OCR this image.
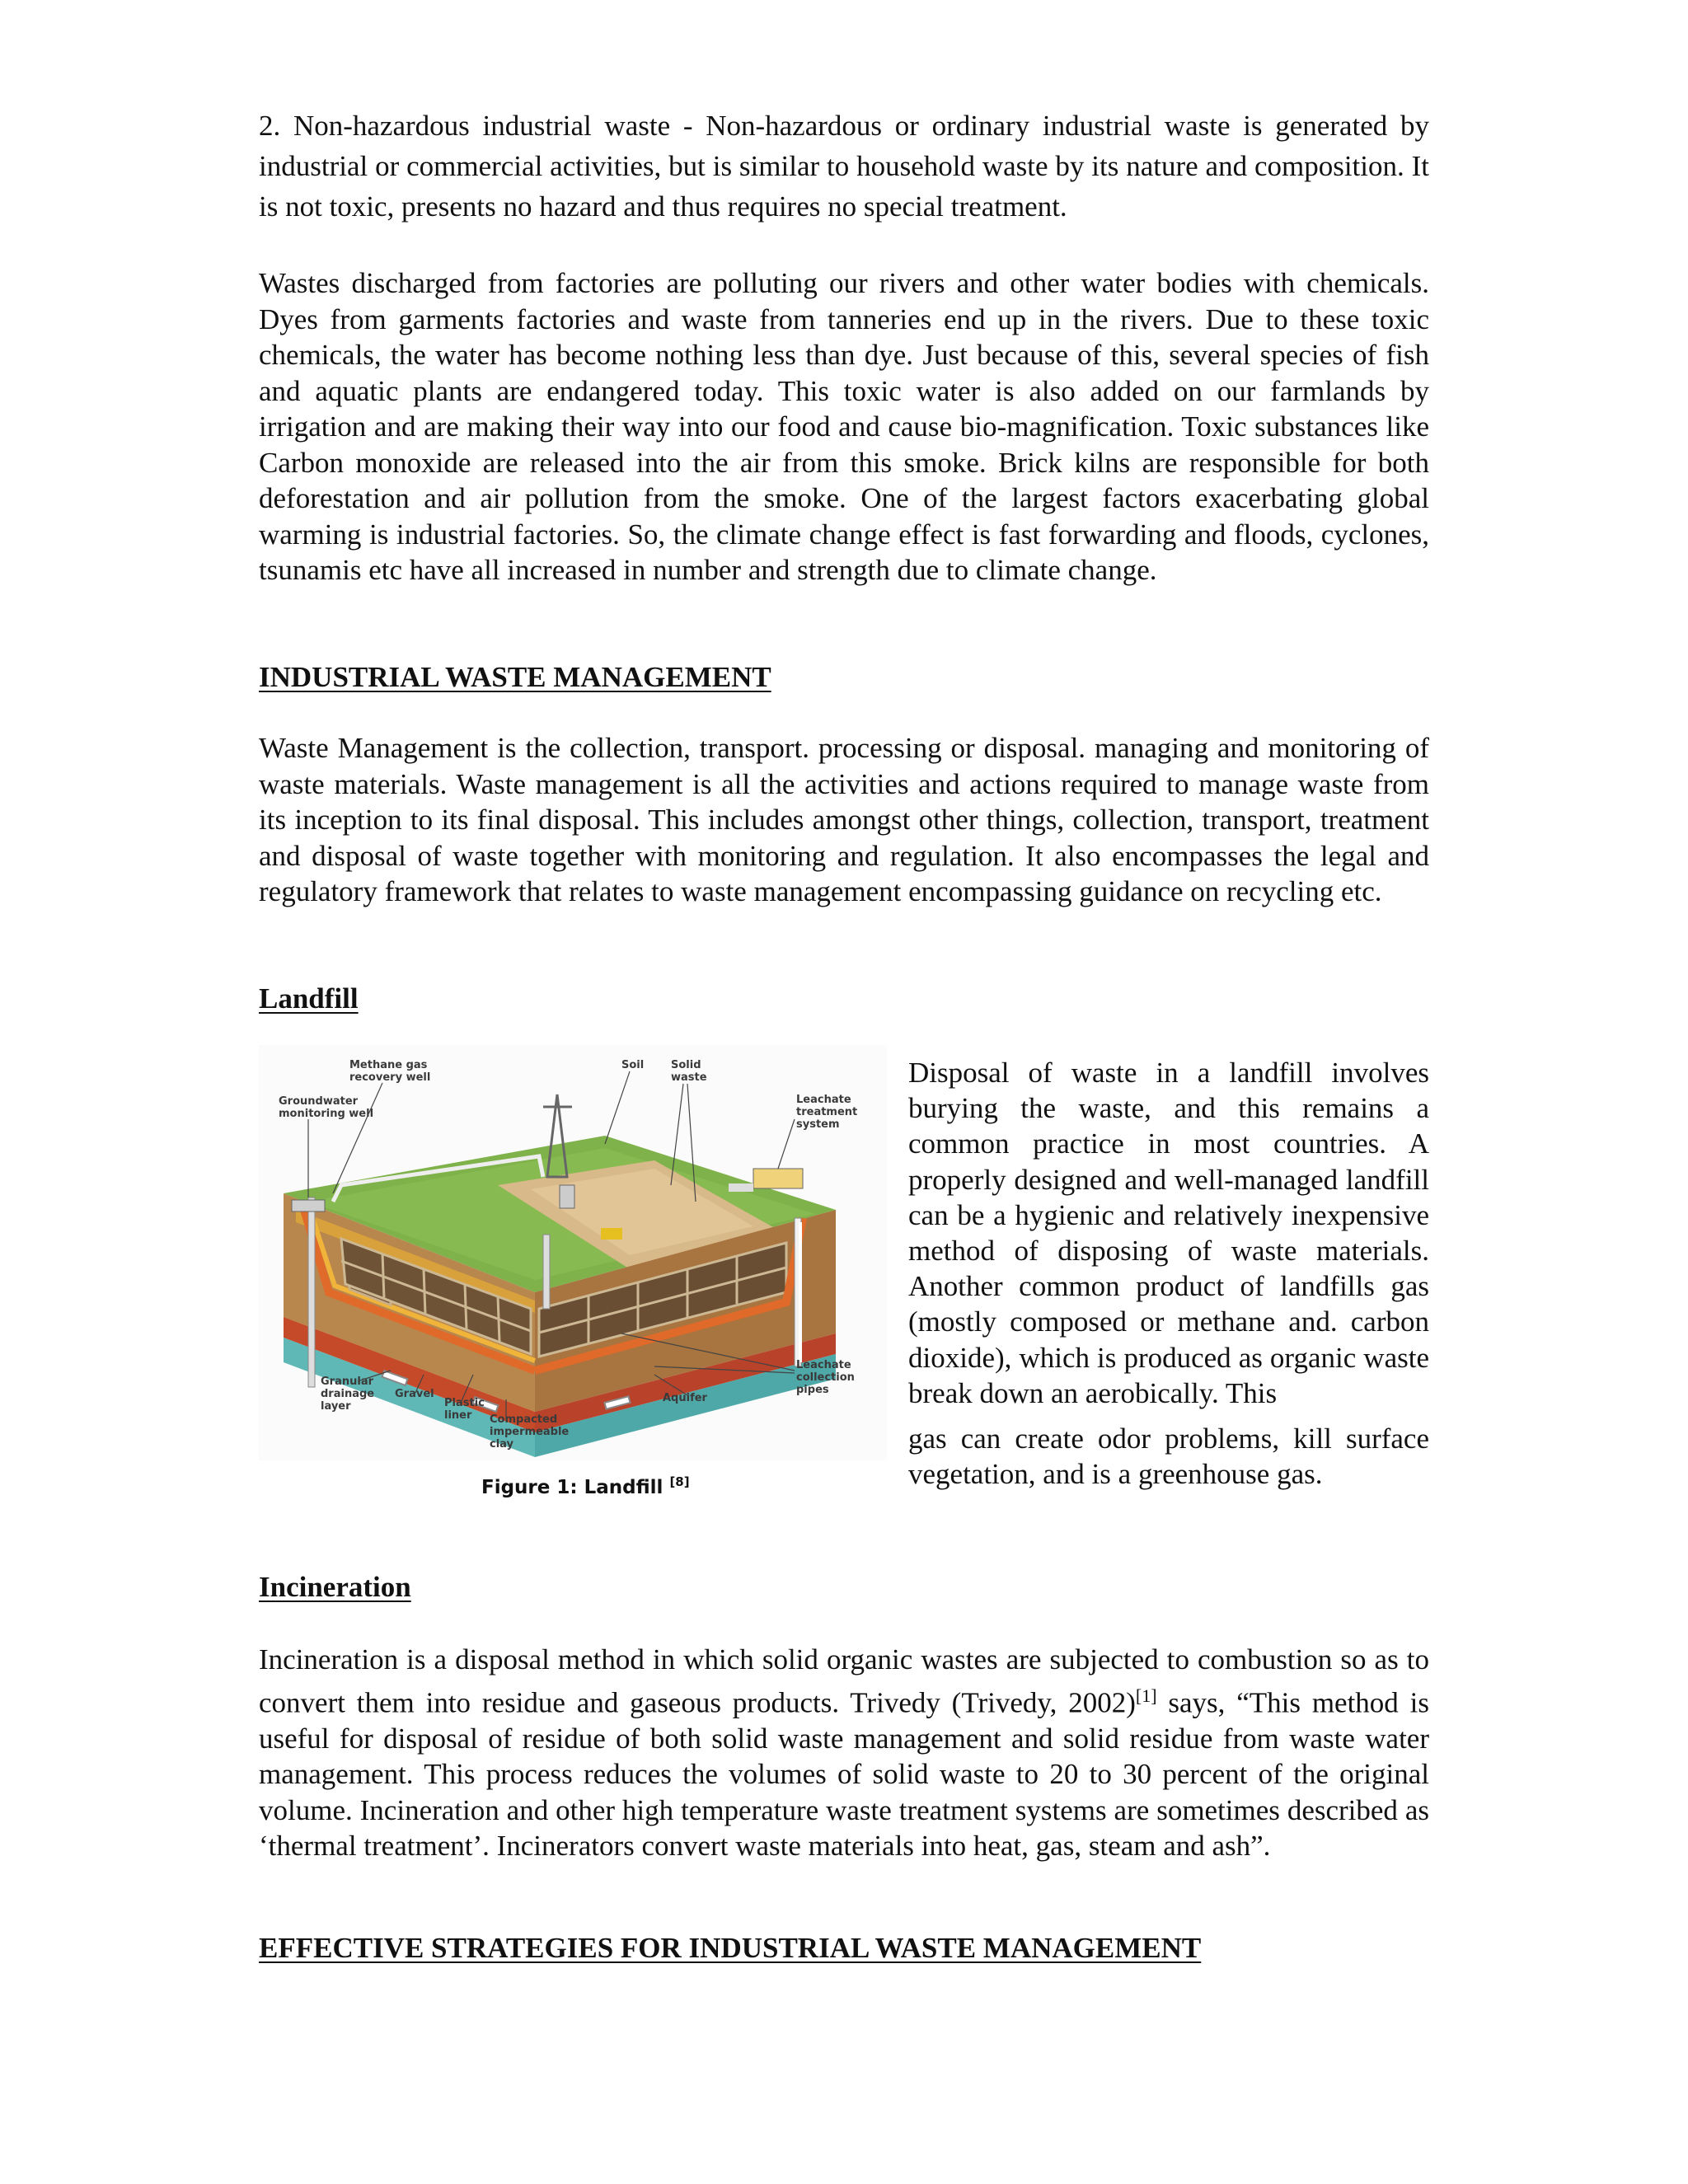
2. Non-hazardous industrial waste - Non-hazardous or ordinary industrial waste is generated by industrial or commercial activities, but is similar to household waste by its nature and composition. It is not toxic, presents no hazard and thus requires no special treatment.

Wastes discharged from factories are polluting our rivers and other water bodies with chemicals. Dyes from garments factories and waste from tanneries end up in the rivers. Due to these toxic chemicals, the water has become nothing less than dye. Just because of this, several species of fish and aquatic plants are endangered today. This toxic water is also added on our farmlands by irrigation and are making their way into our food and cause bio-magnification. Toxic substances like Carbon monoxide are released into the air from this smoke. Brick kilns are responsible for both deforestation and air pollution from the smoke. One of the largest factors exacerbating global warming is industrial factories. So, the climate change effect is fast forwarding and floods, cyclones, tsunamis etc have all increased in number and strength due to climate change.

INDUSTRIAL WASTE MANAGEMENT

Waste Management is the collection, transport. processing or disposal. managing and monitoring of waste materials. Waste management is all the activities and actions required to manage waste from its inception to its final disposal. This includes amongst other things, collection, transport, treatment and disposal of waste together with monitoring and regulation. It also encompasses the legal and regulatory framework that relates to waste management encompassing guidance on recycling etc.

Landfill
Methane gas
recovery well
Soil	Solid
waste
Groundwater
monitoring well
Leachate
treatment
system
Leachate
collection
pipes
Granular
drainage
layer
Gravel
Plastic
liner Compacted
impermeable
clay
Aquifer
Figure 1: Landfill [8]

Disposal of waste in a landfill involves burying the waste, and this remains a common practice in most countries. A properly designed and well-managed landfill can be a hygienic and relatively inexpensive method of disposing of waste materials. Another common product of landfills gas (mostly composed or methane and. carbon dioxide), which is produced as organic waste break down an aerobically. This

gas can create odor problems, kill surface vegetation, and is a greenhouse gas.

Incineration

Incineration is a disposal method in which solid organic wastes are subjected to combustion so as to convert them into residue and gaseous products. Trivedy (Trivedy, 2002)[1] says, “This method is useful for disposal of residue of both solid waste management and solid residue from waste water management. This process reduces the volumes of solid waste to 20 to 30 percent of the original volume. Incineration and other high temperature waste treatment systems are sometimes described as ‘thermal treatment’. Incinerators convert waste materials into heat, gas, steam and ash”.

EFFECTIVE STRATEGIES FOR INDUSTRIAL WASTE MANAGEMENT
